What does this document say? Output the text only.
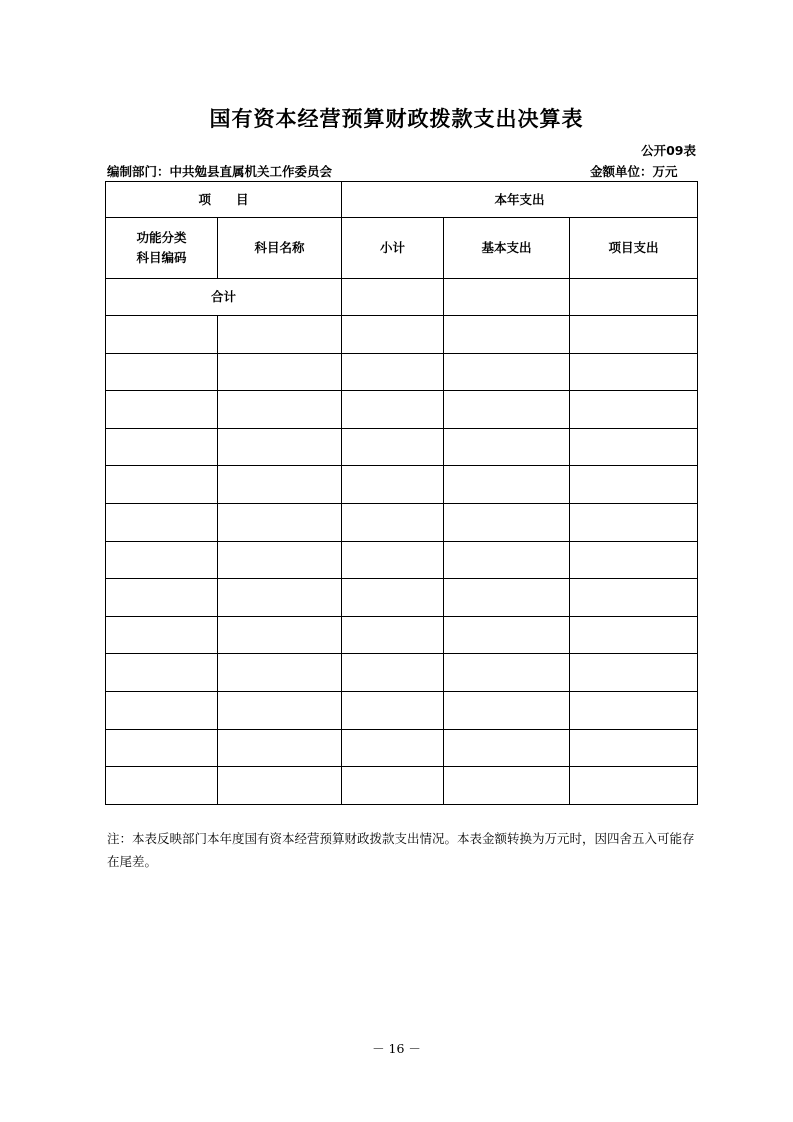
国有资本经营预算财政拨款支出决算表
公开09表
编制部门：中共勉县直属机关工作委员会	金额单位：万元
项　　目		本年支出		
功能分类
科目编码	科目名称	小计	基本支出	项目支出
合计				

注：本表反映部门本年度国有资本经营预算财政拨款支出情况。本表金额转换为万元时，因四舍五入可能存在尾差。
－ 16 －
